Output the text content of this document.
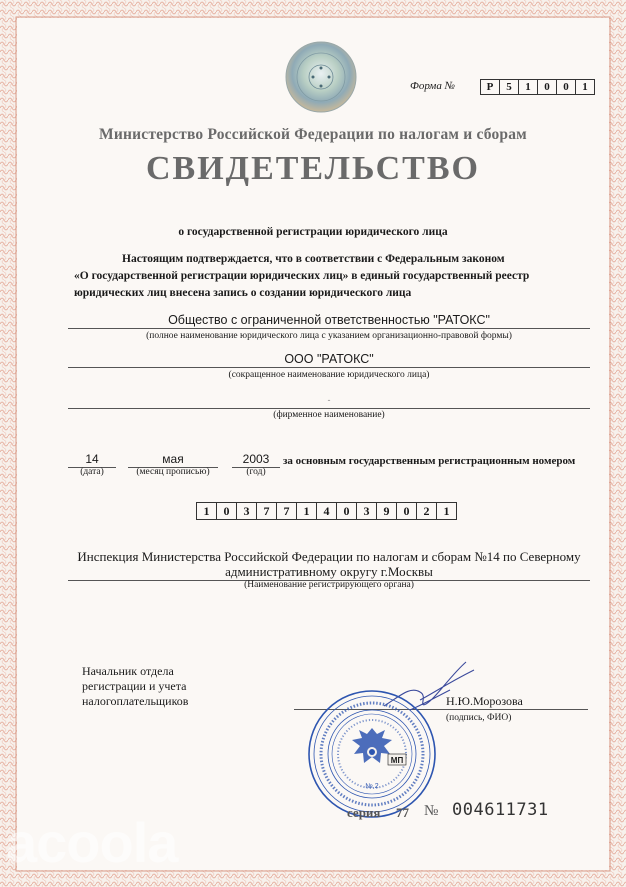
Форма №	Р	5	1	0	0	1
Министерство Российской Федерации по налогам и сборам
СВИДЕТЕЛЬСТВО
о государственной регистрации юридического лица

Настоящим подтверждается, что в соответствии с Федеральным законом

«О государственной регистрации юридических лиц» в единый государственный реестр

юридических лиц внесена запись о создании юридического лица

Общество с ограниченной ответственностью "РАТОКС"
(полное наименование юридического лица с указанием организационно-правовой формы)
ООО "РАТОКС"
(сокращенное наименование юридического лица)
-
(фирменное наименование)
14
(дата)
мая
(месяц прописью)
2003
(год)
за основным государственным регистрационным номером
1	0	3	7	7	1	4	0	3	9	0	2	1
Инспекция Министерства Российской Федерации по налогам и сборам №14 по Северному
административному округу г.Москвы
(Наименование регистрирующего органа)
Начальник отдела
регистрации и учета
налогоплательщиков	Н.Ю.Морозова
(подпись, ФИО)
МП
№ 2
серия 77 № 004611731
acoola
